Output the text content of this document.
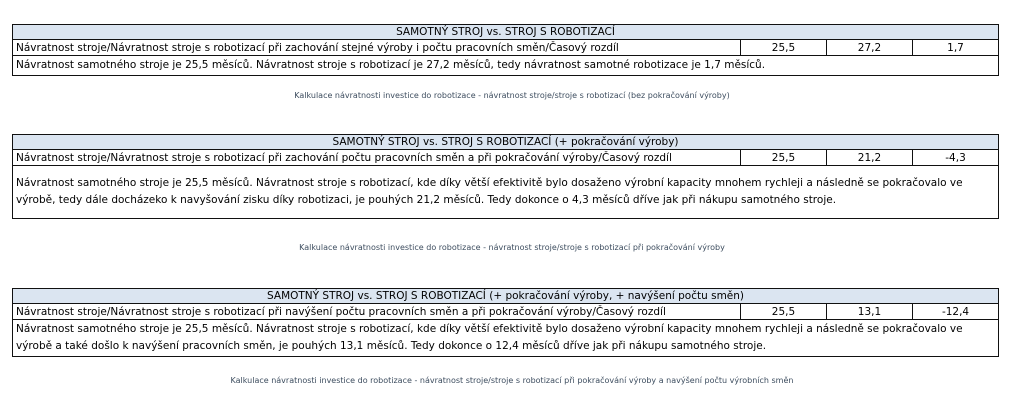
SAMOTNÝ STROJ vs. STROJ S ROBOTIZACÍ
Návratnost stroje/Návratnost stroje s robotizací při zachování stejné výroby i počtu pracovních směn/Časový rozdíl	25,5	27,2	1,7
Návratnost samotného stroje je 25,5 měsíců. Návratnost stroje s robotizací je 27,2 měsíců, tedy návratnost samotné robotizace je 1,7 měsíců.
Kalkulace návratnosti investice do robotizace - návratnost stroje/stroje s robotizací (bez pokračování výroby)
SAMOTNÝ STROJ vs. STROJ S ROBOTIZACÍ (+ pokračování výroby)
Návratnost stroje/Návratnost stroje s robotizací při zachování počtu pracovních směn a při pokračování výroby/Časový rozdíl	25,5	21,2	-4,3
Návratnost samotného stroje je 25,5 měsíců. Návratnost stroje s robotizací, kde díky větší efektivitě bylo dosaženo výrobní kapacity mnohem rychleji a následně se pokračovalo ve výrobě, tedy dále docházeko k navyšování zisku díky robotizaci, je pouhých 21,2 měsíců. Tedy dokonce o 4,3 měsíců dříve jak při nákupu samotného stroje.
Kalkulace návratnosti investice do robotizace - návratnost stroje/stroje s robotizací při pokračování výroby
SAMOTNÝ STROJ vs. STROJ S ROBOTIZACÍ (+ pokračování výroby, + navýšení počtu směn)
Návratnost stroje/Návratnost stroje s robotizací při navýšení počtu pracovních směn a při pokračování výroby/Časový rozdíl	25,5	13,1	-12,4
Návratnost samotného stroje je 25,5 měsíců. Návratnost stroje s robotizací, kde díky větší efektivitě bylo dosaženo výrobní kapacity mnohem rychleji a následně se pokračovalo ve výrobě a také došlo k navýšení pracovních směn, je pouhých 13,1 měsíců. Tedy dokonce o 12,4 měsíců dříve jak při nákupu samotného stroje.
Kalkulace návratnosti investice do robotizace - návratnost stroje/stroje s robotizací při pokračování výroby a navýšení počtu výrobních směn
